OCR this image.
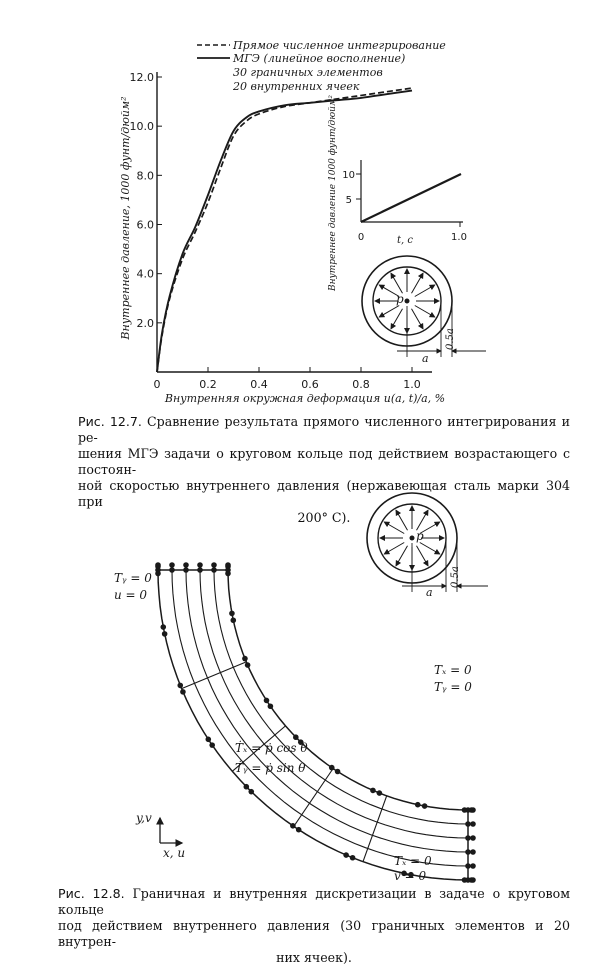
Прямое численное интегрирование
МГЭ (линейное восполнение)
30 граничных элементов
20 внутренних ячеек
0	0.2	0.4	0.6	0.8	1.0
2.0
4.0
6.0
8.0
10.0
12.0
Внутренняя окружная деформация u(a, t)/a, %
Внутреннее давление, 1000 фунт/дюйм²	5
10
0	1.0
t, c
Внутреннее давление 1000 фунт/дюйм²
p
a
0.5a
p
a
0.5a
Tᵧ = 0
u = 0
Tₓ = 0
Tᵧ = 0
Ṫₓ = ṗ cos θ
Ṫᵧ = ṗ sin θ
Tₓ = 0
v = 0
y,v
x, u
Рис. 12.7. Сравнение результата прямого численного интегрирования и ре-
шения МГЭ задачи о круговом кольце под действием возрастающего с постоян-
ной скоростью внутреннего давления (нержавеющая сталь марки 304 при

200° С).
Рис. 12.8. Граничная и внутренняя дискретизации в задаче о круговом кольце
под действием внутреннего давления (30 граничных элементов и 20 внутрен-

них ячеек).
